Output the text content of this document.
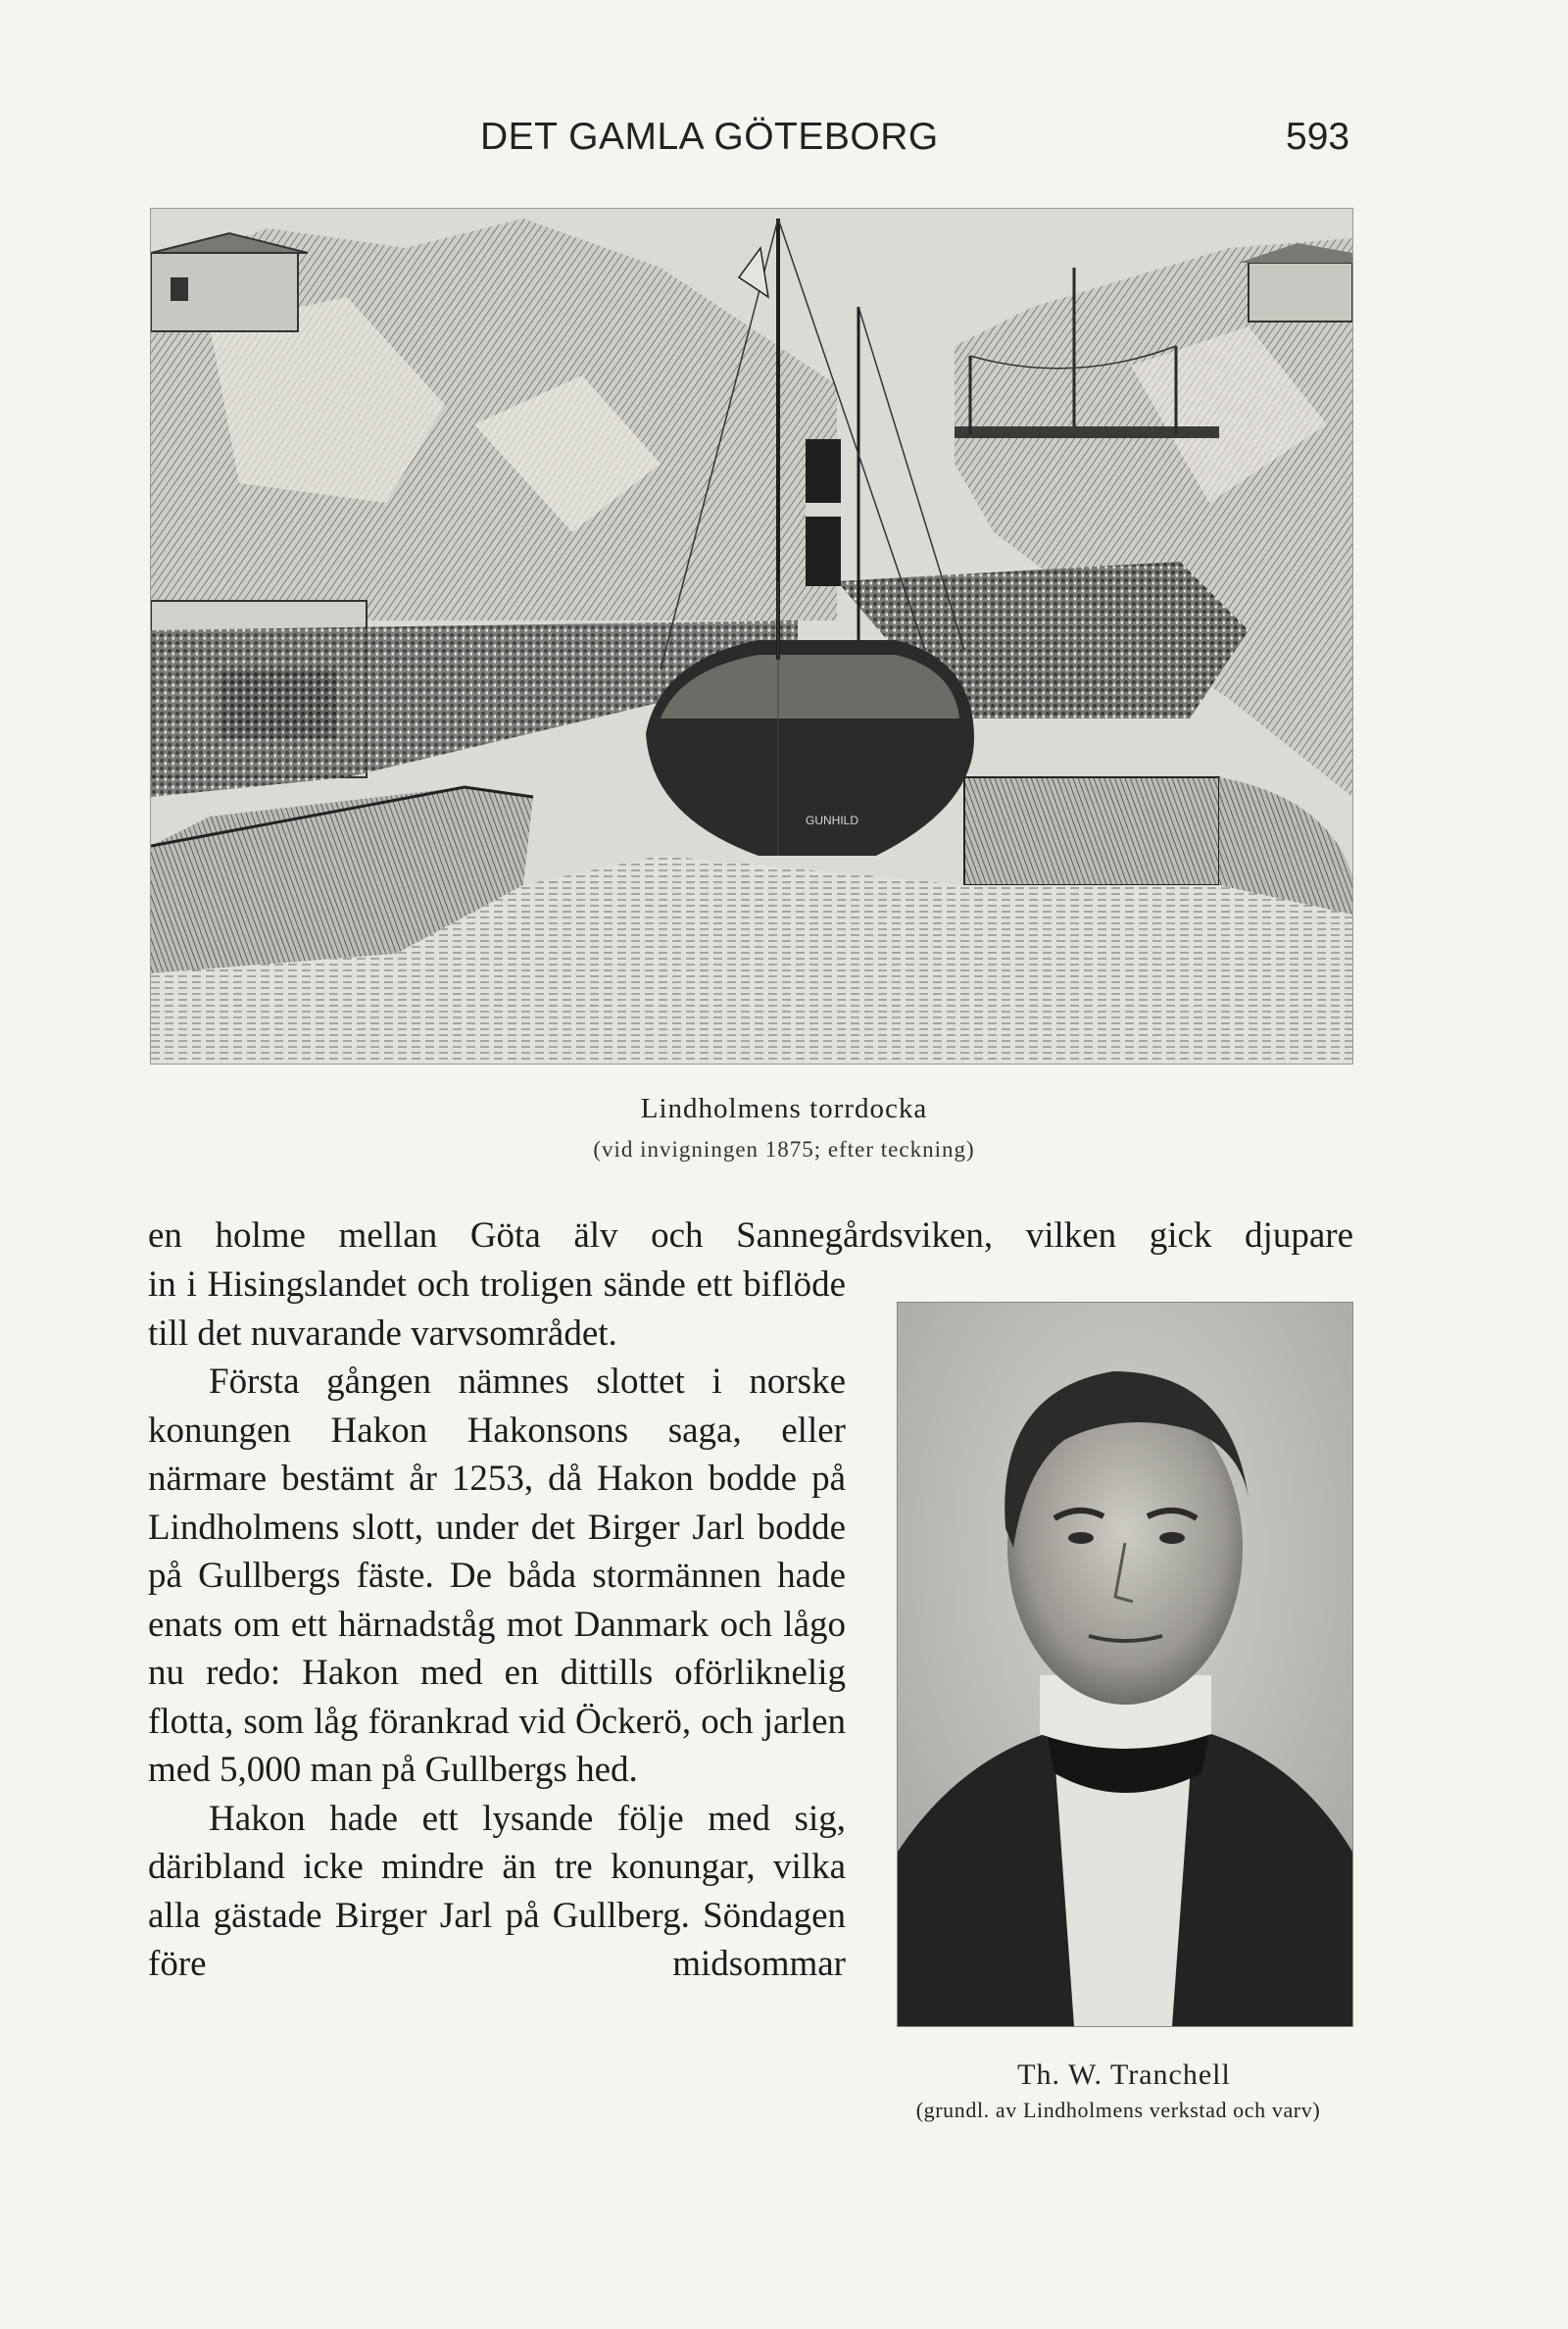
DET GAMLA GÖTEBORG	593
GUNHILD
Lindholmens torrdocka
(vid invigningen 1875; efter teckning)
en holme mellan Göta älv och Sannegårdsviken, vilken gick djupare

in i Hisingslandet och troligen sände ett biflöde till det nuvarande varvsområdet.

Första gången nämnes slottet i norske konungen Hakon Hakonsons saga, eller närmare bestämt år 1253, då Hakon bodde på Lindholmens slott, under det Birger Jarl bodde på Gullbergs fäste. De båda stormännen hade enats om ett härnadståg mot Danmark och lågo nu redo: Hakon med en dittills oförliknelig flotta, som låg förankrad vid Öckerö, och jarlen med 5,000 man på Gullbergs hed.

Hakon hade ett lysande följe med sig, däribland icke mindre än tre konungar, vilka alla gästade Birger Jarl på Gullberg. Söndagen före midsommar

Th. W. Tranchell
(grundl. av Lindholmens verkstad och varv)
